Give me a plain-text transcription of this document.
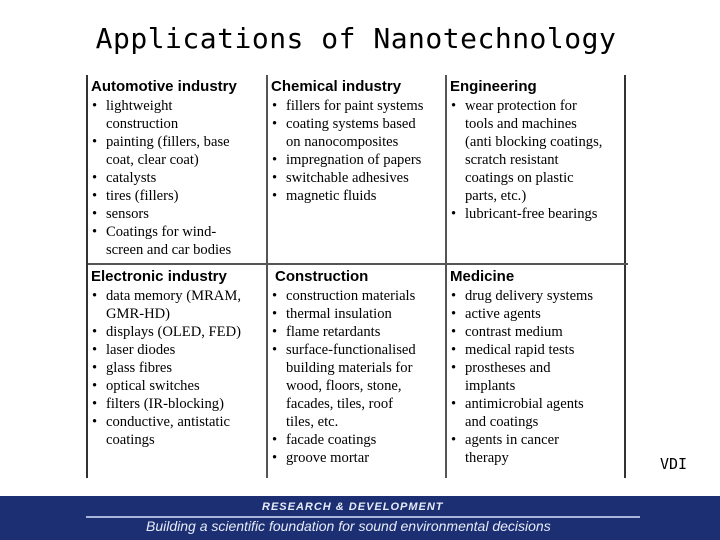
Applications of Nanotechnology
Automotive industry
• lightweight
construction
• painting (fillers, base
coat, clear coat)
• catalysts
• tires (fillers)
• sensors
• Coatings for wind-
screen and car bodies
Chemical industry
• fillers for paint systems
• coating systems based
on nanocomposites
• impregnation of papers
• switchable adhesives
• magnetic fluids
Engineering
• wear protection for
tools and machines
(anti blocking coatings,
scratch resistant
coatings on plastic
parts, etc.)
• lubricant-free bearings
Electronic industry
• data memory (MRAM,
GMR-HD)
• displays (OLED, FED)
• laser diodes
• glass fibres
• optical switches
• filters (IR-blocking)
• conductive, antistatic
coatings
Construction
• construction materials
• thermal insulation
• flame retardants
• surface-functionalised
building materials for
wood, floors, stone,
facades, tiles, roof
tiles, etc.
• facade coatings
• groove mortar
Medicine
• drug delivery systems
• active agents
• contrast medium
• medical rapid tests
• prostheses and
implants
• antimicrobial agents
and coatings
• agents in cancer
therapy	VDI
RESEARCH & DEVELOPMENT
Building a scientific foundation for sound environmental decisions
